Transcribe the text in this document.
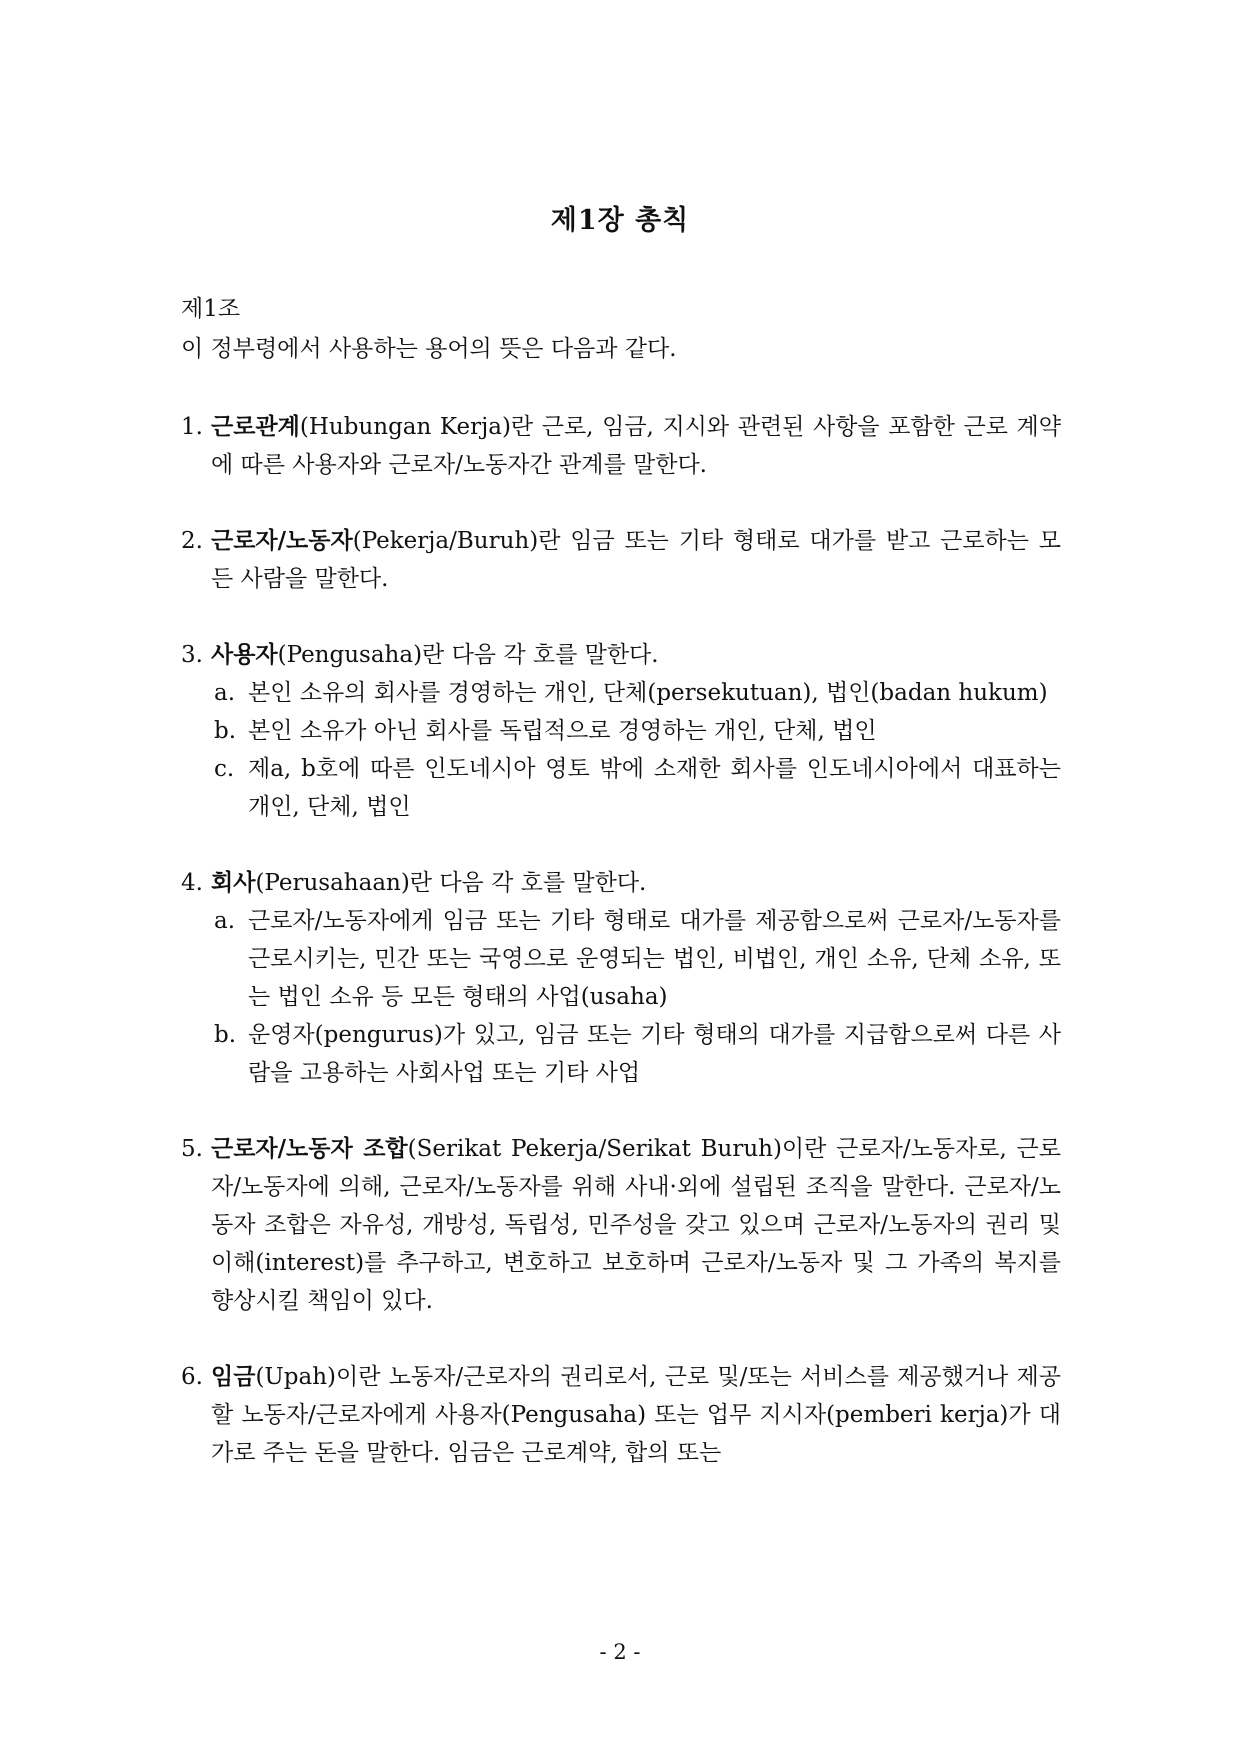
제1장 총칙
제1조
이 정부령에서 사용하는 용어의 뜻은 다음과 같다.
1. 근로관계(Hubungan Kerja)란 근로, 임금, 지시와 관련된 사항을 포함한 근로 계약에 따른 사용자와 근로자/노동자간 관계를 말한다.
2. 근로자/노동자(Pekerja/Buruh)란 임금 또는 기타 형태로 대가를 받고 근로하는 모든 사람을 말한다.
3. 사용자(Pengusaha)란 다음 각 호를 말한다.
a. 본인 소유의 회사를 경영하는 개인, 단체(persekutuan), 법인(badan hukum)
b. 본인 소유가 아닌 회사를 독립적으로 경영하는 개인, 단체, 법인
c. 제a, b호에 따른 인도네시아 영토 밖에 소재한 회사를 인도네시아에서 대표하는 개인, 단체, 법인
4. 회사(Perusahaan)란 다음 각 호를 말한다.
a. 근로자/노동자에게 임금 또는 기타 형태로 대가를 제공함으로써 근로자/노동자를 근로시키는, 민간 또는 국영으로 운영되는 법인, 비법인, 개인 소유, 단체 소유, 또는 법인 소유 등 모든 형태의 사업(usaha)
b. 운영자(pengurus)가 있고, 임금 또는 기타 형태의 대가를 지급함으로써 다른 사람을 고용하는 사회사업 또는 기타 사업
5. 근로자/노동자 조합(Serikat Pekerja/Serikat Buruh)이란 근로자/노동자로, 근로자/노동자에 의해, 근로자/노동자를 위해 사내·외에 설립된 조직을 말한다. 근로자/노동자 조합은 자유성, 개방성, 독립성, 민주성을 갖고 있으며 근로자/노동자의 권리 및 이해(interest)를 추구하고, 변호하고 보호하며 근로자/노동자 및 그 가족의 복지를 향상시킬 책임이 있다.
6. 임금(Upah)이란 노동자/근로자의 권리로서, 근로 및/또는 서비스를 제공했거나 제공할 노동자/근로자에게 사용자(Pengusaha) 또는 업무 지시자(pemberi kerja)가 대가로 주는 돈을 말한다. 임금은 근로계약, 합의 또는
- 2 -
